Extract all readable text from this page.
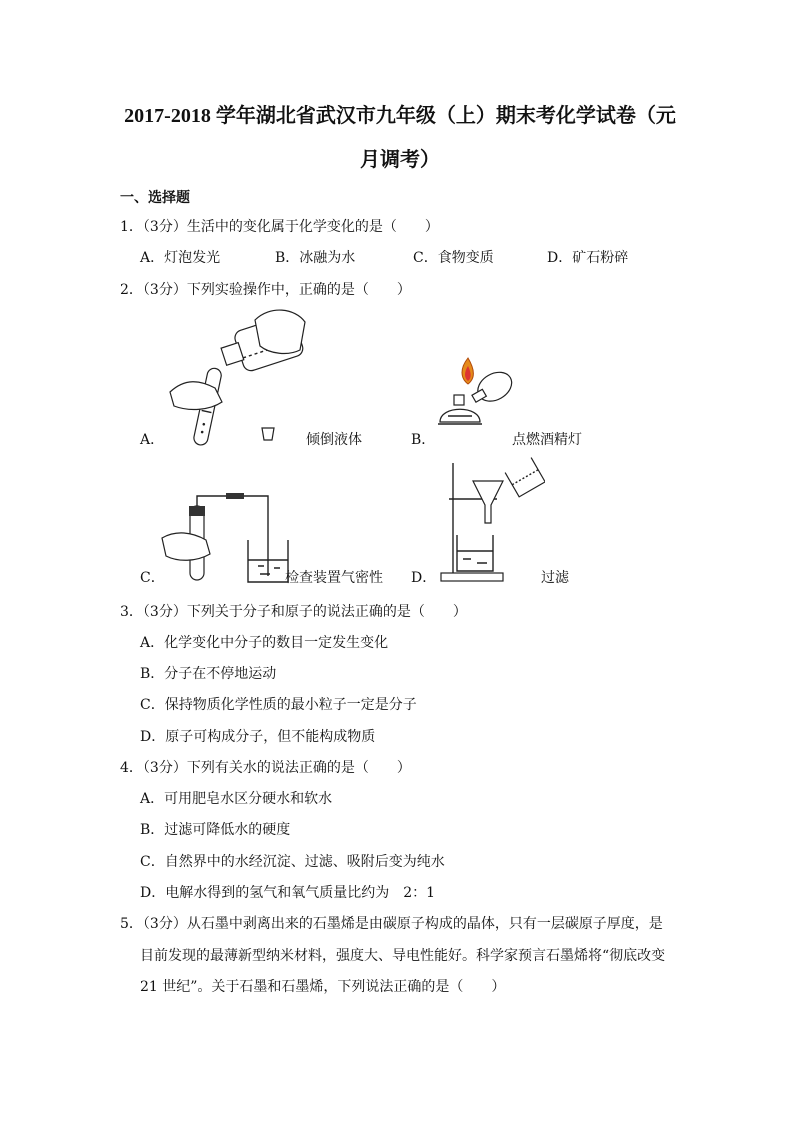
2017-2018 学年湖北省武汉市九年级（上）期末考化学试卷（元
月调考）
一、选择题
1．（3分）生活中的变化属于化学变化的是（　　）
A．灯泡发光	B．冰融为水	C．食物变质	D．矿石粉碎
2．（3分）下列实验操作中，正确的是（　　）
A．	倾倒液体	B．	点燃酒精灯
C．	检查装置气密性 D．	过滤
3．（3分）下列关于分子和原子的说法正确的是（　　）
A．化学变化中分子的数目一定发生变化
B．分子在不停地运动
C．保持物质化学性质的最小粒子一定是分子
D．原子可构成分子，但不能构成物质
4．（3分）下列有关水的说法正确的是（　　）
A．可用肥皂水区分硬水和软水
B．过滤可降低水的硬度
C．自然界中的水经沉淀、过滤、吸附后变为纯水
D．电解水得到的氢气和氧气质量比约为　2：1
5．（3分）从石墨中剥离出来的石墨烯是由碳原子构成的晶体，只有一层碳原子厚度，是
目前发现的最薄新型纳米材料，强度大、导电性能好。科学家预言石墨烯将“彻底改变
21 世纪”。关于石墨和石墨烯，下列说法正确的是（　　）
